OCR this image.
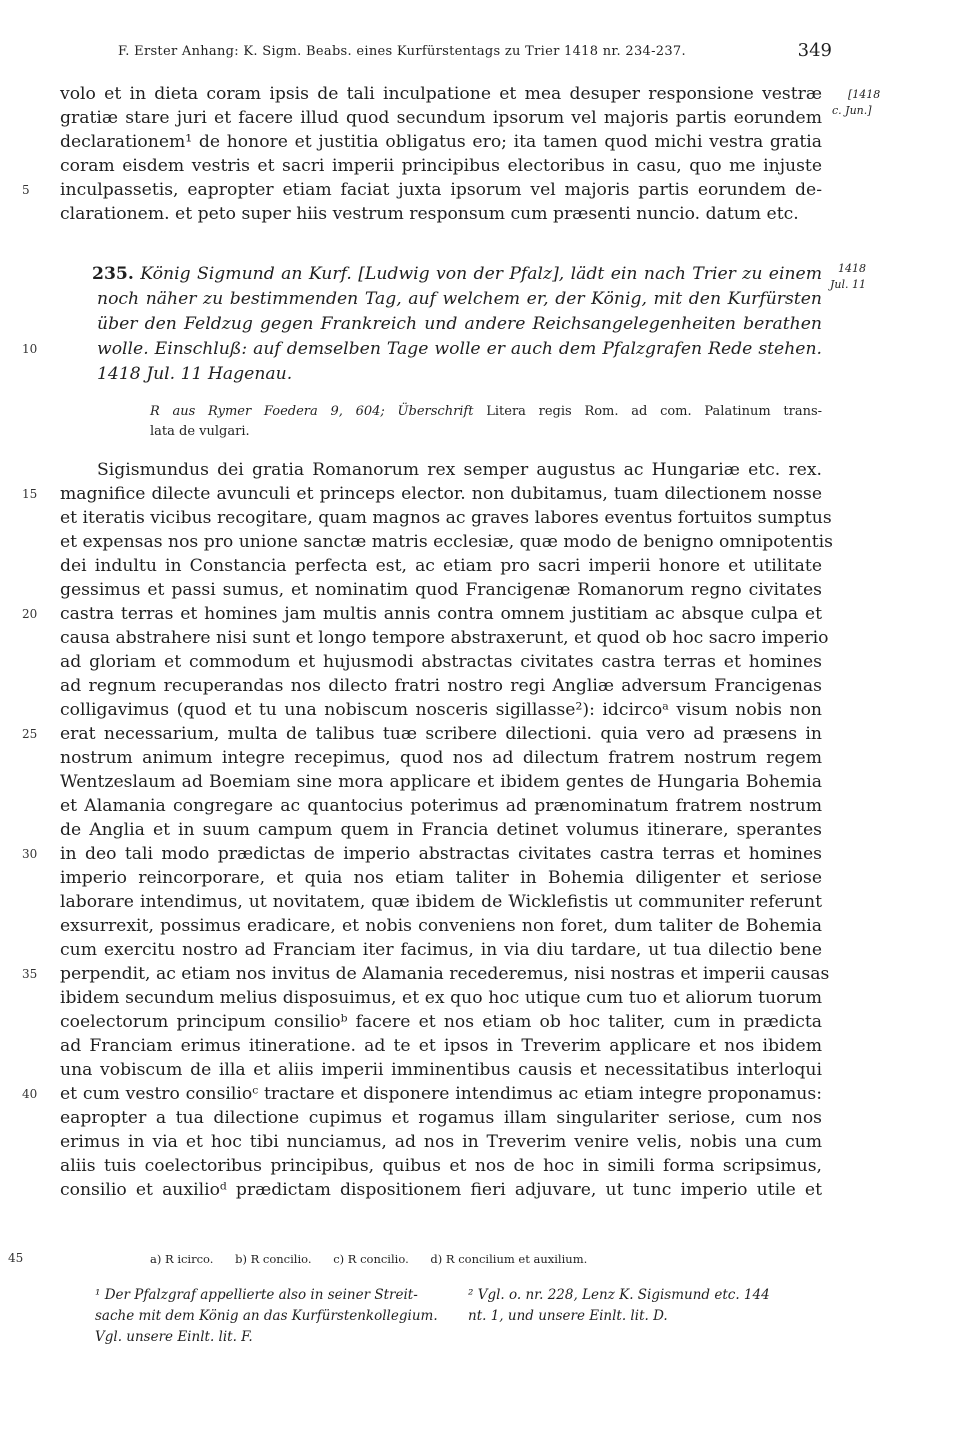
F. Erster Anhang: K. Sigm. Beabs. eines Kurfürstentags zu Trier 1418 nr. 234-237.	349
[1418
c. Jun.]
volo et in dieta coram ipsis de tali inculpatione et mea desuper responsione vestræ
gratiæ stare juri et facere illud quod secundum ipsorum vel majoris partis eorundem
declarationem¹ de honore et justitia obligatus ero; ita tamen quod michi vestra gratia
coram eisdem vestris et sacri imperii principibus electoribus in casu, quo me injuste
inculpassetis, eapropter etiam faciat juxta ipsorum vel majoris partis eorundem de-
clarationem. et peto super hiis vestrum responsum cum præsenti nuncio. datum etc.
5
1418
Jul. 11
235. König Sigmund an Kurf. [Ludwig von der Pfalz], lädt ein nach Trier zu einem
noch näher zu bestimmenden Tag, auf welchem er, der König, mit den Kurfürsten
über den Feldzug gegen Frankreich und andere Reichsangelegenheiten berathen
wolle. Einschluß: auf demselben Tage wolle er auch dem Pfalzgrafen Rede stehen.
1418 Jul. 11 Hagenau.
10
R aus Rymer Foedera 9, 604; Überschrift Litera regis Rom. ad com. Palatinum trans-
lata de vulgari.
Sigismundus dei gratia Romanorum rex semper augustus ac Hungariæ etc. rex.
magnifice dilecte avunculi et princeps elector. non dubitamus, tuam dilectionem nosse
et iteratis vicibus recogitare, quam magnos ac graves labores eventus fortuitos sumptus
et expensas nos pro unione sanctæ matris ecclesiæ, quæ modo de benigno omnipotentis
dei indultu in Constancia perfecta est, ac etiam pro sacri imperii honore et utilitate
gessimus et passi sumus, et nominatim quod Francigenæ Romanorum regno civitates
castra terras et homines jam multis annis contra omnem justitiam ac absque culpa et
causa abstrahere nisi sunt et longo tempore abstraxerunt, et quod ob hoc sacro imperio
ad gloriam et commodum et hujusmodi abstractas civitates castra terras et homines
ad regnum recuperandas nos dilecto fratri nostro regi Angliæ adversum Francigenas
colligavimus (quod et tu una nobiscum nosceris sigillasse²): idcircoᵃ visum nobis non
erat necessarium, multa de talibus tuæ scribere dilectioni. quia vero ad præsens in
nostrum animum integre recepimus, quod nos ad dilectum fratrem nostrum regem
Wentzeslaum ad Boemiam sine mora applicare et ibidem gentes de Hungaria Bohemia
et Alamania congregare ac quantocius poterimus ad prænominatum fratrem nostrum
de Anglia et in suum campum quem in Francia detinet volumus itinerare, sperantes
in deo tali modo prædictas de imperio abstractas civitates castra terras et homines
imperio reincorporare, et quia nos etiam taliter in Bohemia diligenter et seriose
laborare intendimus, ut novitatem, quæ ibidem de Wicklefistis ut communiter referunt
exsurrexit, possimus eradicare, et nobis conveniens non foret, dum taliter de Bohemia
cum exercitu nostro ad Franciam iter facimus, in via diu tardare, ut tua dilectio bene
perpendit, ac etiam nos invitus de Alamania recederemus, nisi nostras et imperii causas
ibidem secundum melius disposuimus, et ex quo hoc utique cum tuo et aliorum tuorum
coelectorum principum consilioᵇ facere et nos etiam ob hoc taliter, cum in prædicta
ad Franciam erimus itineratione. ad te et ipsos in Treverim applicare et nos ibidem
una vobiscum de illa et aliis imperii imminentibus causis et necessitatibus interloqui
et cum vestro consilioᶜ tractare et disponere intendimus ac etiam integre proponamus:
eapropter a tua dilectione cupimus et rogamus illam singulariter seriose, cum nos
erimus in via et hoc tibi nunciamus, ad nos in Treverim venire velis, nobis una cum
aliis tuis coelectoribus principibus, quibus et nos de hoc in simili forma scripsimus,
consilio et auxilioᵈ prædictam dispositionem fieri adjuvare, ut tunc imperio utile et
15
20
25
30
35
40
45	a) R icirco. b) R concilio. c) R concilio. d) R concilium et auxilium.
¹ Der Pfalzgraf appellierte also in seiner Streit-
sache mit dem König an das Kurfürstenkollegium.
Vgl. unsere Einlt. lit. F.
² Vgl. o. nr. 228, Lenz K. Sigismund etc. 144
nt. 1, und unsere Einlt. lit. D.
